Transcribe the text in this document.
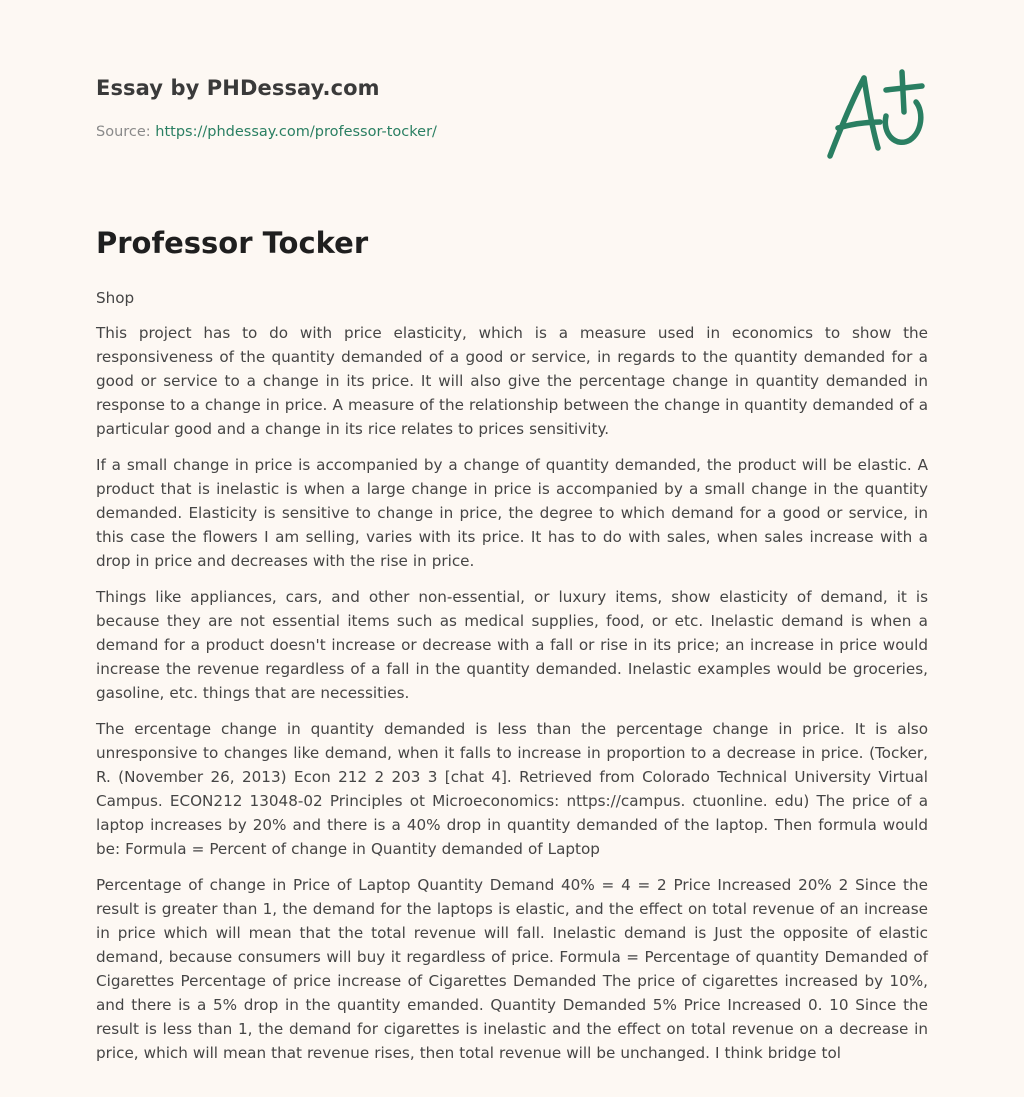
Essay by PHDessay.com
Source: https://phdessay.com/professor-tocker/
Professor Tocker

Shop

This project has to do with price elasticity, which is a measure used in economics to show the responsiveness of the quantity demanded of a good or service, in regards to the quantity demanded for a good or service to a change in its price. It will also give the percentage change in quantity demanded in response to a change in price. A measure of the relationship between the change in quantity demanded of a particular good and a change in its rice relates to prices sensitivity.

If a small change in price is accompanied by a change of quantity demanded, the product will be elastic. A product that is inelastic is when a large change in price is accompanied by a small change in the quantity demanded. Elasticity is sensitive to change in price, the degree to which demand for a good or service, in this case the flowers I am selling, varies with its price. It has to do with sales, when sales increase with a drop in price and decreases with the rise in price.

Things like appliances, cars, and other non-essential, or luxury items, show elasticity of demand, it is because they are not essential items such as medical supplies, food, or etc. Inelastic demand is when a demand for a product doesn't increase or decrease with a fall or rise in its price; an increase in price would increase the revenue regardless of a fall in the quantity demanded. Inelastic examples would be groceries, gasoline, etc. things that are necessities.

The ercentage change in quantity demanded is less than the percentage change in price. It is also unresponsive to changes like demand, when it falls to increase in proportion to a decrease in price. (Tocker, R. (November 26, 2013) Econ 212 2 203 3 [chat 4]. Retrieved from Colorado Technical University Virtual Campus. ECON212 13048-02 Principles ot Microeconomics: nttps://campus. ctuonline. edu) The price of a laptop increases by 20% and there is a 40% drop in quantity demanded of the laptop. Then formula would be: Formula = Percent of change in Quantity demanded of Laptop

Percentage of change in Price of Laptop Quantity Demand 40% = 4 = 2 Price Increased 20% 2 Since the result is greater than 1, the demand for the laptops is elastic, and the effect on total revenue of an increase in price which will mean that the total revenue will fall. Inelastic demand is Just the opposite of elastic demand, because consumers will buy it regardless of price. Formula = Percentage of quantity Demanded of Cigarettes Percentage of price increase of Cigarettes Demanded The price of cigarettes increased by 10%, and there is a 5% drop in the quantity emanded. Quantity Demanded 5% Price Increased 0. 10 Since the result is less than 1, the demand for cigarettes is inelastic and the effect on total revenue on a decrease in price, which will mean that revenue rises, then total revenue will be unchanged. I think bridge tol
